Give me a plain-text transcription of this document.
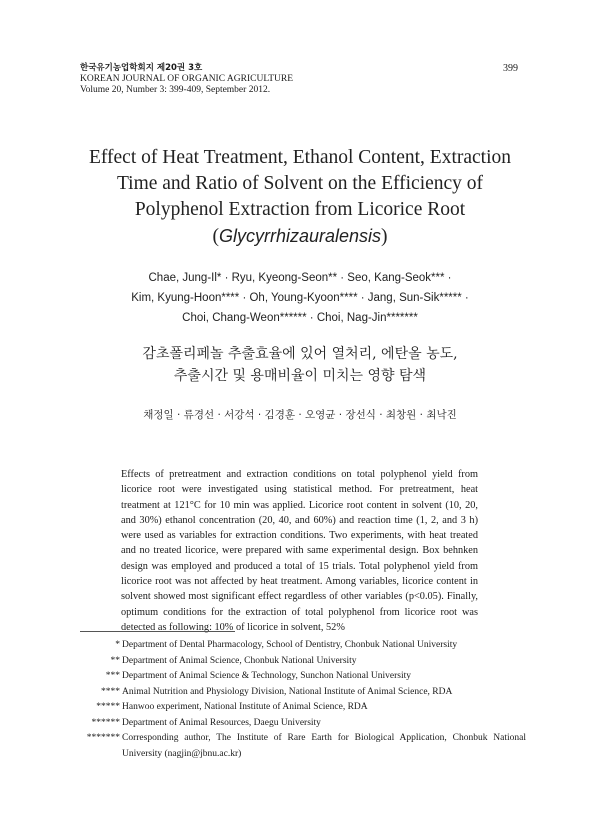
한국유기농업학회지 제20권 3호
KOREAN JOURNAL OF ORGANIC AGRICULTURE
Volume 20, Number 3: 399-409, September 2012.
399
Effect of Heat Treatment, Ethanol Content, Extraction
Time and Ratio of Solvent on the Efficiency of
Polyphenol Extraction from Licorice Root
(Glycyrrhizauralensis)
Chae, Jung-Il* · Ryu, Kyeong-Seon** · Seo, Kang-Seok*** ·
Kim, Kyung-Hoon**** · Oh, Young-Kyoon**** · Jang, Sun-Sik***** ·
Choi, Chang-Weon****** · Choi, Nag-Jin*******
감초폴리페놀 추출효율에 있어 열처리, 에탄올 농도,
추출시간 및 용매비율이 미치는 영향 탐색
채정일 · 류경선 · 서강석 · 김경훈 · 오영균 · 장선식 · 최창원 · 최낙진
Effects of pretreatment and extraction conditions on total polyphenol yield from licorice root were investigated using statistical method. For pretreatment, heat treatment at 121°C for 10 min was applied. Licorice root content in solvent (10, 20, and 30%) ethanol concentration (20, 40, and 60%) and reaction time (1, 2, and 3 h) were used as variables for extraction conditions. Two experiments, with heat treated and no treated licorice, were prepared with same experimental design. Box behnken design was employed and produced a total of 15 trials. Total polyphenol yield from licorice root was not affected by heat treatment. Among variables, licorice content in solvent showed most significant effect regardless of other variables (p<0.05). Finally, optimum conditions for the extraction of total polyphenol from licorice root was detected as following: 10% of licorice in solvent, 52%
* Department of Dental Pharmacology, School of Dentistry, Chonbuk National University
** Department of Animal Science, Chonbuk National University
*** Department of Animal Science & Technology, Sunchon National University
**** Animal Nutrition and Physiology Division, National Institute of Animal Science, RDA
***** Hanwoo experiment, National Institute of Animal Science, RDA
****** Department of Animal Resources, Daegu University
******* Corresponding author, The Institute of Rare Earth for Biological Application, Chonbuk National University (nagjin@jbnu.ac.kr)
